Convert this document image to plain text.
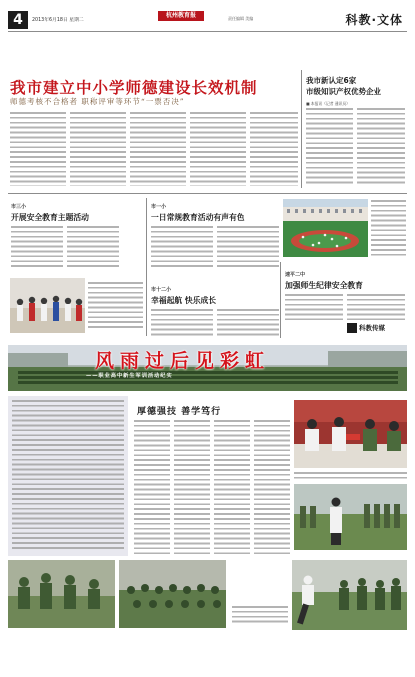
4	2013年6月18日 星期二
杭州教育报	责任编辑 美编	科教·文体
我市建立中小学师德建设长效机制
师德考核不合格者 职称评审等环节“一票否决”
我市新认定6家
市级知识产权优势企业
■ 本报讯（记者 通讯员）
市三小
开展安全教育主题活动
市一小
一日常规教育活动有声有色
市十二小
幸福起航 快乐成长
速平二中
加强师生纪律安全教育
科教传媒
风雨过后见彩虹
——职业高中新生军训活动纪实
厚德强技 善学笃行
